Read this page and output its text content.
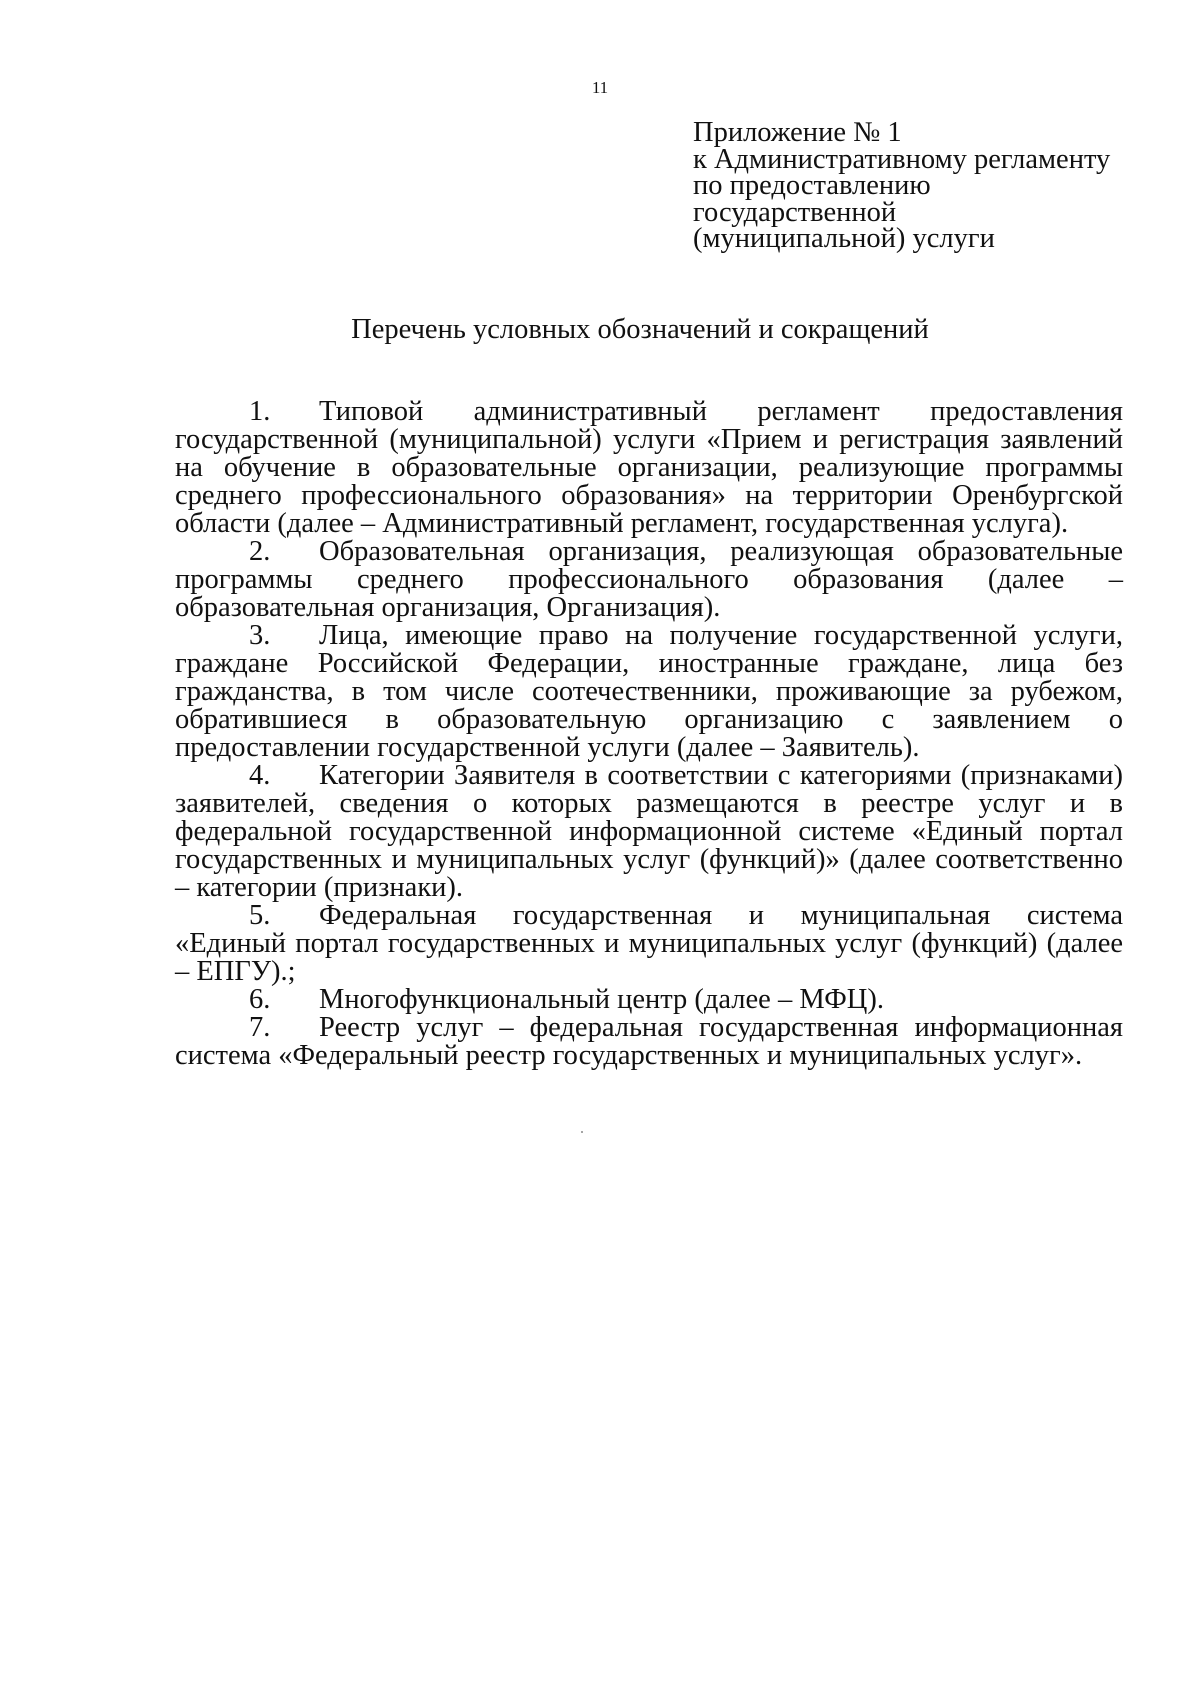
11
Приложение № 1
к Административному регламенту
по предоставлению
государственной
(муниципальной) услуги
Перечень условных обозначений и сокращений

1. Типовой административный регламент предоставления государственной (муниципальной) услуги «Прием и регистрация заявлений на обучение в образовательные организации, реализующие программы среднего профессионального образования» на территории Оренбургской области (далее – Административный регламент, государственная услуга).

2. Образовательная организация, реализующая образовательные программы среднего профессионального образования (далее – образовательная организация, Организация).

3. Лица, имеющие право на получение государственной услуги, граждане Российской Федерации, иностранные граждане, лица без гражданства, в том числе соотечественники, проживающие за рубежом, обратившиеся в образовательную организацию с заявлением о предоставлении государственной услуги (далее – Заявитель).

4. Категории Заявителя в соответствии с категориями (признаками) заявителей, сведения о которых размещаются в реестре услуг и в федеральной государственной информационной системе «Единый портал государственных и муниципальных услуг (функций)» (далее соответственно – категории (признаки).

5. Федеральная государственная и муниципальная система «Единый портал государственных и муниципальных услуг (функций) (далее – ЕПГУ).;

6. Многофункциональный центр (далее – МФЦ).

7. Реестр услуг – федеральная государственная информационная система «Федеральный реестр государственных и муниципальных услуг».
